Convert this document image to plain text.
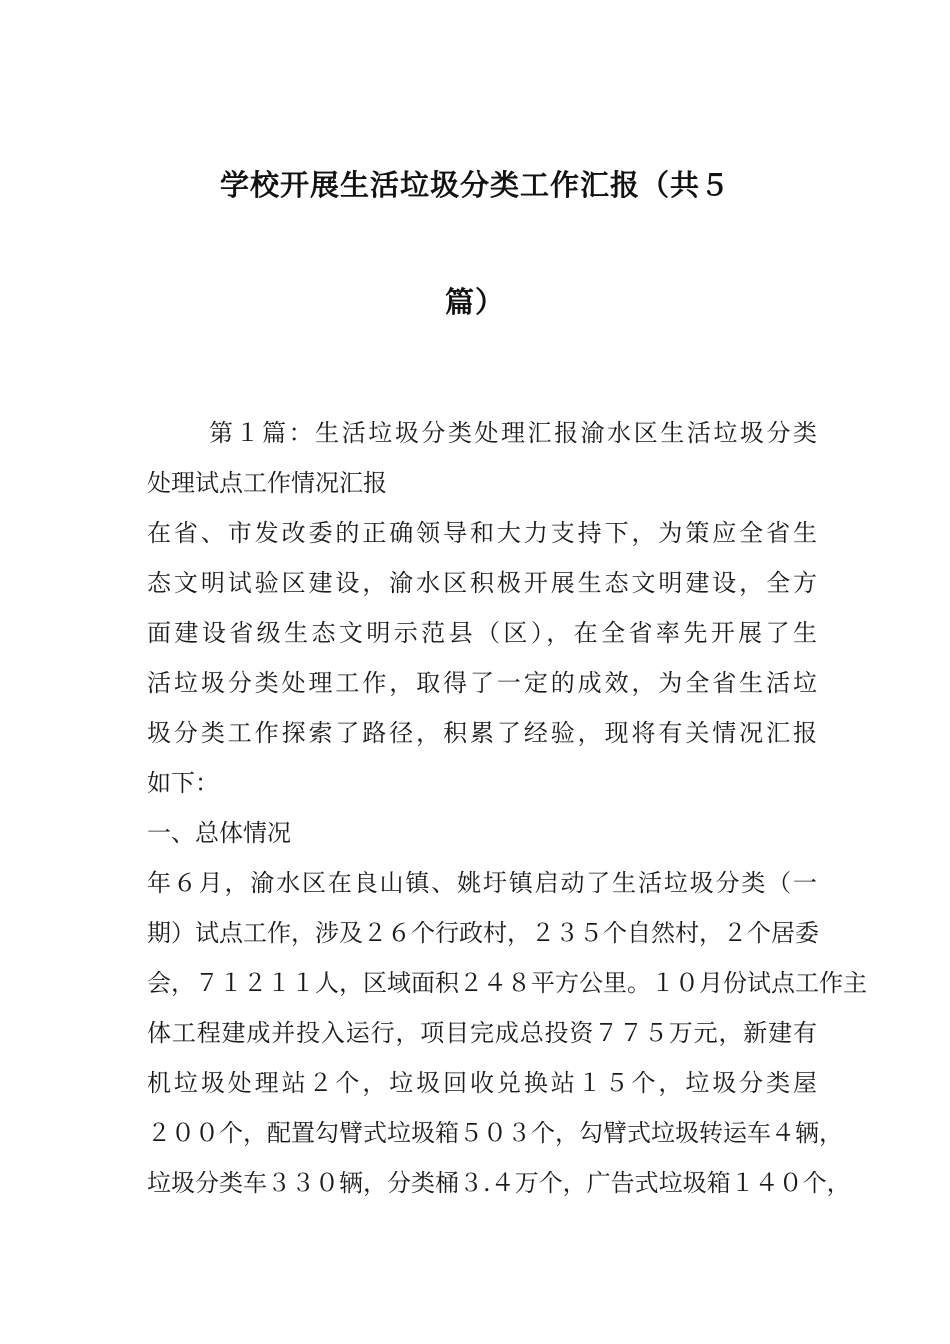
学校开展生活垃圾分类工作汇报（共５
篇）
第１篇：生活垃圾分类处理汇报渝水区生活垃圾分类
处理试点工作情况汇报
在省、市发改委的正确领导和大力支持下，为策应全省生
态文明试验区建设，渝水区积极开展生态文明建设，全方
面建设省级生态文明示范县（区），在全省率先开展了生
活垃圾分类处理工作，取得了一定的成效，为全省生活垃
圾分类工作探索了路径，积累了经验，现将有关情况汇报
如下：
一、总体情况
年６月，渝水区在良山镇、姚圩镇启动了生活垃圾分类（一
期）试点工作，涉及２６个行政村，２３５个自然村，２个居委
会，７１２１１人，区域面积２４８平方公里。１０月份试点工作主
体工程建成并投入运行，项目完成总投资７７５万元，新建有
机垃圾处理站２个，垃圾回收兑换站１５个，垃圾分类屋
２００个，配置勾臂式垃圾箱５０３个，勾臂式垃圾转运车４辆，
垃圾分类车３３０辆，分类桶３.４万个，广告式垃圾箱１４０个，
